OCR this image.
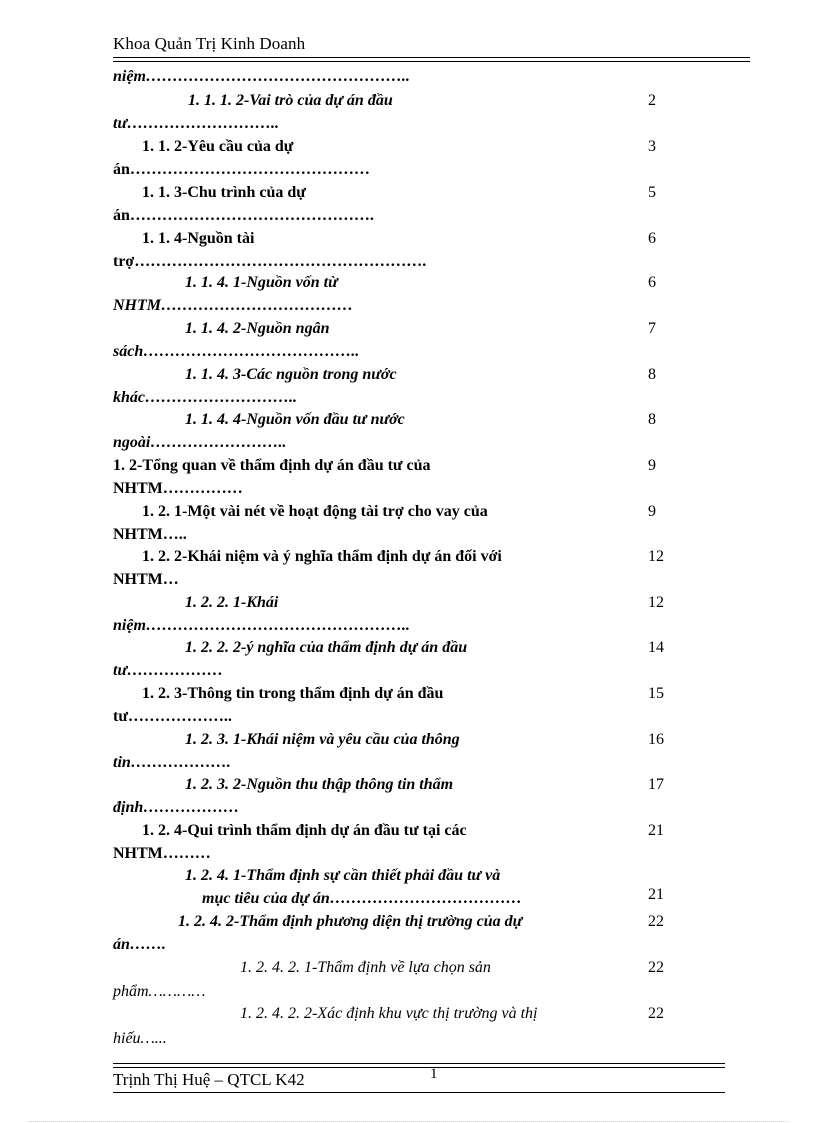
Khoa Quản Trị Kinh Doanh
niệm…………………………………………..
1. 1. 1. 2-Vai trò của dự án đầu	2
tư………………………..
1. 1. 2-Yêu cầu của dự	3
án………………………………………
1. 1. 3-Chu trình của dự	5
án……………………………………….
1. 1. 4-Nguồn tài	6
trợ……………………………………………….
1. 1. 4. 1-Nguồn vốn từ	6
NHTM………………………………
1. 1. 4. 2-Nguồn ngân	7
sách…………………………………..
1. 1. 4. 3-Các nguồn trong nước	8
khác………………………..
1. 1. 4. 4-Nguồn vốn đầu tư nước	8
ngoài……………………..
1. 2-Tổng quan về thẩm định dự án đầu tư của	9
NHTM……………
1. 2. 1-Một vài nét về hoạt động tài trợ cho vay của	9
NHTM…..
1. 2. 2-Khái niệm và ý nghĩa thẩm định dự án đối với	12
NHTM…
1. 2. 2. 1-Khái	12
niệm…………………………………………..
1. 2. 2. 2-ý nghĩa của thẩm định dự án đầu	14
tư………………
1. 2. 3-Thông tin trong thẩm định dự án đầu	15
tư………………..
1. 2. 3. 1-Khái niệm và yêu cầu của thông	16
tin……………….
1. 2. 3. 2-Nguồn thu thập thông tin thẩm	17
định………………
1. 2. 4-Qui trình thẩm định dự án đầu tư tại các	21
NHTM………
1. 2. 4. 1-Thẩm định sự cần thiết phải đầu tư và
mục tiêu của dự án………………………………	21
1. 2. 4. 2-Thẩm định phương diện thị trường của dự	22
án…….
1. 2. 4. 2. 1-Thẩm định về lựa chọn sản	22
phẩm…………
1. 2. 4. 2. 2-Xác định khu vực thị trường và thị	22
hiếu…...
Trịnh Thị Huệ – QTCL K42	1
